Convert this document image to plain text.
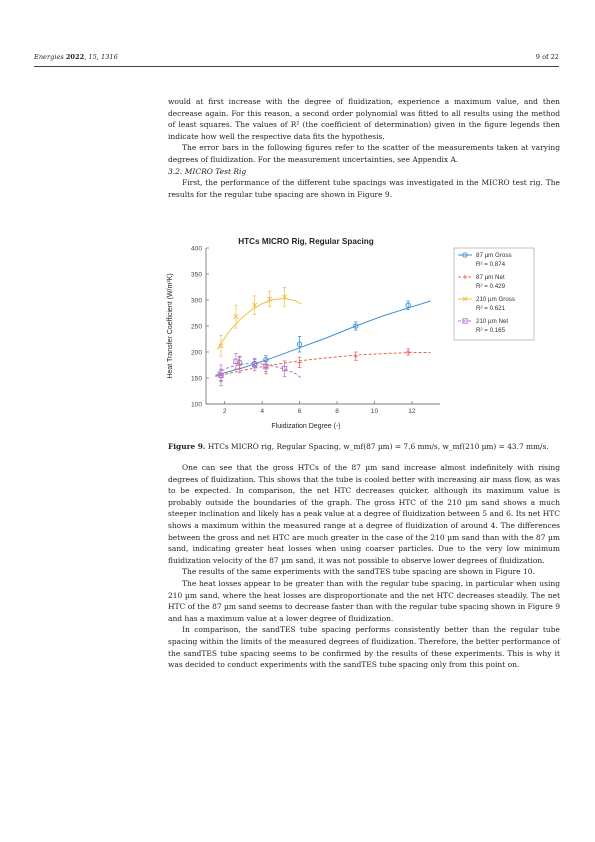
Energies 2022, 15, 1316	9 of 22

would at first increase with the degree of fluidization, experience a maximum value, and then decrease again. For this reason, a second order polynomial was fitted to all results using the method of least squares. The values of R² (the coefficient of determination) given in the figure legends then indicate how well the respective data fits the hypothesis.

The error bars in the following figures refer to the scatter of the measurements taken at varying degrees of fluidization. For the measurement uncertainties, see Appendix A.

3.2. MICRO Test Rig

First, the performance of the different tube spacings was investigated in the MICRO test rig. The results for the regular tube spacing are shown in Figure 9.

HTCs MICRO Rig, Regular Spacing
Heat Transfer Coefficient (W/m²K)
Fluidization Degree (-)
2	4	6	8	10	12
100
150
200
250
300
350
400
87 µm Gross
R² = 0.874
87 µm Net
R² = 0.429
210 µm Gross
R² = 0.621
210 µm Net
R² = 0.165
Figure 9. HTCs MICRO rig, Regular Spacing, w_mf(87 µm) = 7.6 mm/s, w_mf(210 µm) = 43.7 mm/s.

One can see that the gross HTCs of the 87 µm sand increase almost indefinitely with rising degrees of fluidization. This shows that the tube is cooled better with increasing air mass flow, as was to be expected. In comparison, the net HTC decreases quicker, although its maximum value is probably outside the boundaries of the graph. The gross HTC of the 210 µm sand shows a much steeper inclination and likely has a peak value at a degree of fluidization between 5 and 6. Its net HTC shows a maximum within the measured range at a degree of fluidization of around 4. The differences between the gross and net HTC are much greater in the case of the 210 µm sand than with the 87 µm sand, indicating greater heat losses when using coarser particles. Due to the very low minimum fluidization velocity of the 87 µm sand, it was not possible to observe lower degrees of fluidization.

The results of the same experiments with the sandTES tube spacing are shown in Figure 10.

The heat losses appear to be greater than with the regular tube spacing, in particular when using 210 µm sand, where the heat losses are disproportionate and the net HTC decreases steadily. The net HTC of the 87 µm sand seems to decrease faster than with the regular tube spacing shown in Figure 9 and has a maximum value at a lower degree of fluidization.

In comparison, the sandTES tube spacing performs consistently better than the regular tube spacing within the limits of the measured degrees of fluidization. Therefore, the better performance of the sandTES tube spacing seems to be confirmed by the results of these experiments. This is why it was decided to conduct experiments with the sandTES tube spacing only from this point on.
